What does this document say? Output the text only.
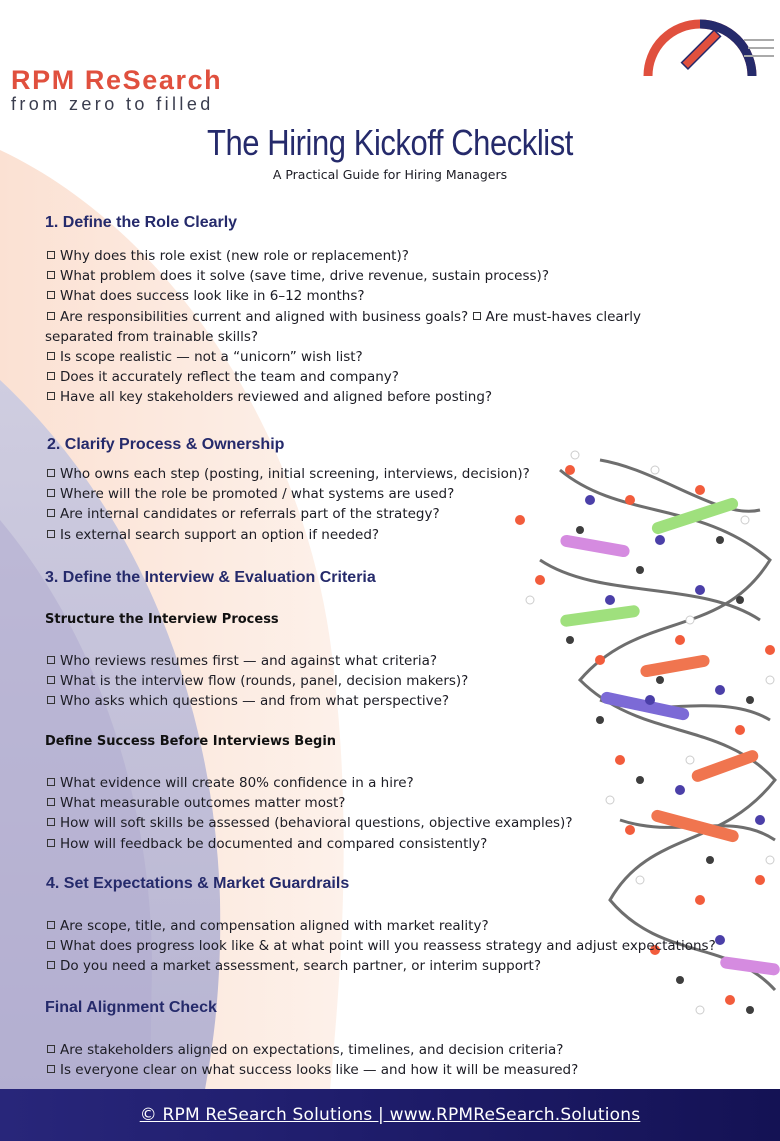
RPM ReSearch
from zero to filled
The Hiring Kickoff Checklist
A Practical Guide for Hiring Managers
1. Define the Role Clearly

Why does this role exist (new role or replacement)?

What problem does it solve (save time, drive revenue, sustain process)?

What does success look like in 6–12 months?

Are responsibilities current and aligned with business goals? Are must-haves clearly

separated from trainable skills?

Is scope realistic — not a “unicorn” wish list?

Does it accurately reflect the team and company?

Have all key stakeholders reviewed and aligned before posting?

2. Clarify Process & Ownership

Who owns each step (posting, initial screening, interviews, decision)?

Where will the role be promoted / what systems are used?

Are internal candidates or referrals part of the strategy?

Is external search support an option if needed?

3. Define the Interview & Evaluation Criteria
Structure the Interview Process

Who reviews resumes first — and against what criteria?

What is the interview flow (rounds, panel, decision makers)?

Who asks which questions — and from what perspective?

Define Success Before Interviews Begin

What evidence will create 80% confidence in a hire?

What measurable outcomes matter most?

How will soft skills be assessed (behavioral questions, objective examples)?

How will feedback be documented and compared consistently?

4. Set Expectations & Market Guardrails

Are scope, title, and compensation aligned with market reality?

What does progress look like & at what point will you reassess strategy and adjust expectations?

Do you need a market assessment, search partner, or interim support?

Final Alignment Check

Are stakeholders aligned on expectations, timelines, and decision criteria?

Is everyone clear on what success looks like — and how it will be measured?

© RPM ReSearch Solutions | www.RPMReSearch.Solutions
